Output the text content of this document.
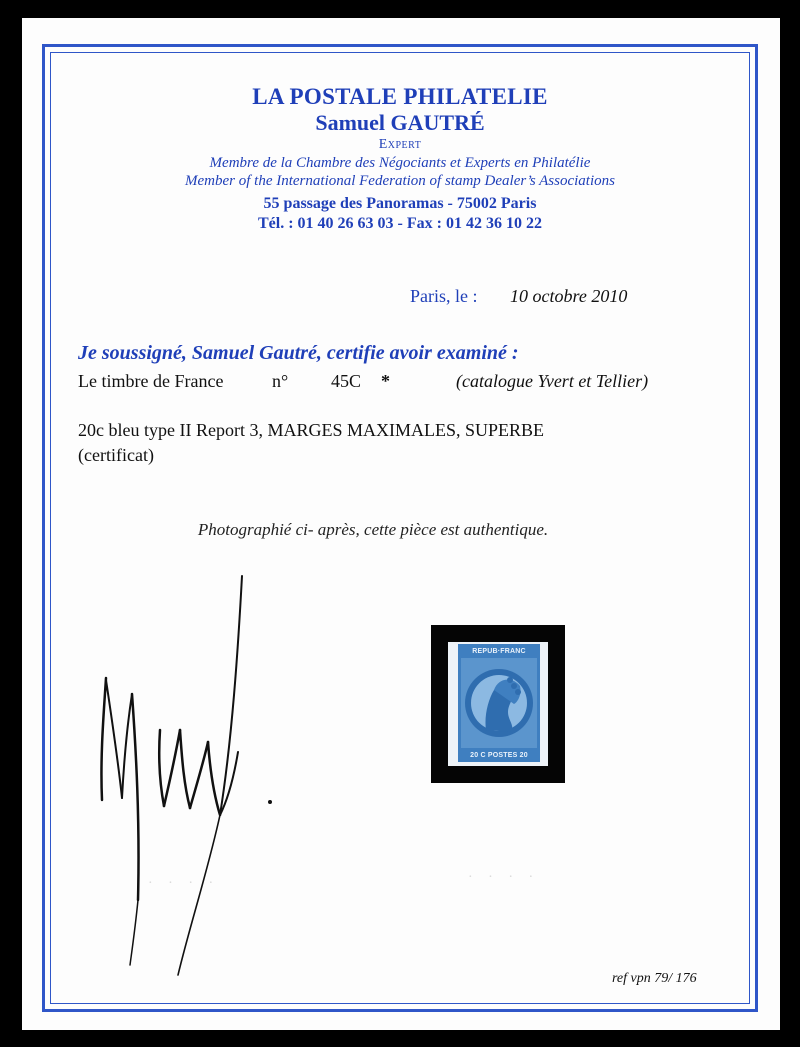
LA POSTALE PHILATELIE
Samuel GAUTRÉ
Expert
Membre de la Chambre des Négociants et Experts en Philatélie
Member of the International Federation of stamp Dealer’s Associations
55 passage des Panoramas - 75002 Paris
Tél. : 01 40 26 63 03 - Fax : 01 42 36 10 22
Paris, le : 10 octobre 2010
Je soussigné, Samuel Gautré, certifie avoir examiné :
Le timbre de France	n° 45C *	(catalogue Yvert et Tellier)
20c bleu type II Report 3, MARGES MAXIMALES, SUPERBE
(certificat)
Photographié ci- après, cette pièce est authentique.
· · · ·	· · · ·
REPUB·FRANC
20 C POSTES 20
ref vpn 79/ 176
